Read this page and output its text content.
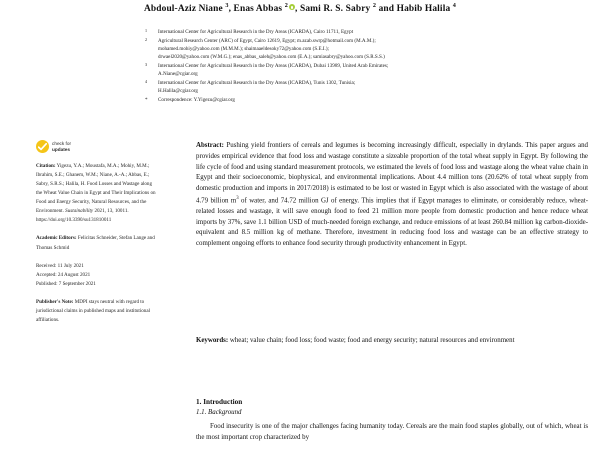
Abdoul-Aziz Niane $^3$, Enas Abbas $^2$ , Sami R. S. Sabry $^2$ and Habib Halila $^4$
1	International Center for Agricultural Research in the Dry Areas (ICARDA), Cairo 11711, Egypt
2	Agricultural Research Center (ARC) of Egypt, Cairo 12619, Egypt; m.azab.swrp@hotmail.com (M.A.M.);
mohamed.mohiy@yahoo.com (M.M.M.); shaimaaeldesoky72@yahoo.com (S.E.I.);
drwael2020@yahoo.com (W.M.G.); enas_abbas_saleh@yahoo.com (E.A.); samiasabry@yahoo.com (S.R.S.S.)
3	International Center for Agricultural Research in the Dry Areas (ICARDA), Dubai 13989, United Arab Emirates;
A.Niane@cgiar.org
4	International Center for Agricultural Research in the Dry Areas (ICARDA), Tunis 1302, Tunisia;
H.Halila@cgiar.org
*	Correspondence: Y.Yigezu@cgiar.org
check for
updates
Citation: Yigezu, Y.A.; Moustafa, M.A.; Mohiy, M.M.; Ibrahim, S.E.; Ghanem, W.M.; Niane, A.-A.; Abbas, E.; Sabry, S.R.S.; Halila, H. Food Losses and Wastage along the Wheat Value Chain in Egypt and Their Implications on Food and Energy Security, Natural Resources, and the Environment. Sustainability 2021, 13, 10011. https://doi.org/10.3390/su131810011
Academic Editors: Felicitas Schneider, Stefan Lange and Thomas Schmid
Received: 11 July 2021
Accepted: 24 August 2021
Published: 7 September 2021
Publisher's Note: MDPI stays neutral with regard to jurisdictional claims in published maps and institutional affiliations.
Abstract: Pushing yield frontiers of cereals and legumes is becoming increasingly difficult, especially in drylands. This paper argues and provides empirical evidence that food loss and wastage constitute a sizeable proportion of the total wheat supply in Egypt. By following the life cycle of food and using standard measurement protocols, we estimated the levels of food loss and wastage along the wheat value chain in Egypt and their socioeconomic, biophysical, and environmental implications. About 4.4 million tons (20.62% of total wheat supply from domestic production and imports in 2017/2018) is estimated to be lost or wasted in Egypt which is also associated with the wastage of about 4.79 billion $m^3$ of water, and 74.72 million GJ of energy. This implies that if Egypt manages to eliminate, or considerably reduce, wheat-related losses and wastage, it will save enough food to feed 21 million more people from domestic production and hence reduce wheat imports by 37%, save 1.1 billion USD of much-needed foreign exchange, and reduce emissions of at least 260.84 million kg carbon-dioxide-equivalent and 8.5 million kg of methane. Therefore, investment in reducing food loss and wastage can be an effective strategy to complement ongoing efforts to enhance food security through productivity enhancement in Egypt.
Keywords: wheat; value chain; food loss; food waste; food and energy security; natural resources and environment
1. Introduction
1.1. Background
Food insecurity is one of the major challenges facing humanity today. Cereals are the main food staples globally, out of which, wheat is the most important crop characterized by
